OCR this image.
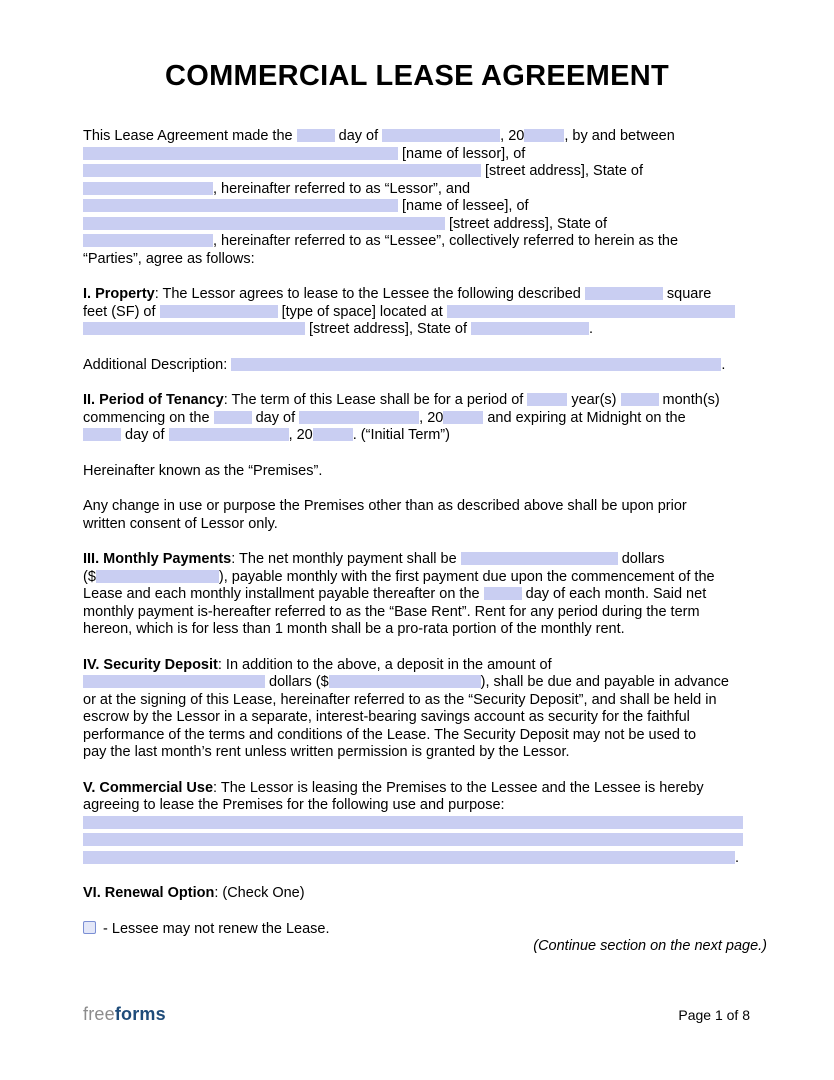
COMMERCIAL LEASE AGREEMENT
This Lease Agreement made the	day of	, 20	, by and between
[name of lessor], of
[street address], State of
, hereinafter referred to as “Lessor”, and
[name of lessee], of
[street address], State of
, hereinafter referred to as “Lessee”, collectively referred to herein as the
“Parties”, agree as follows:
I. Property: The Lessor agrees to lease to the Lessee the following described	square
feet (SF) of	[type of space] located at
[street address], State of	.
Additional Description:	.
II. Period of Tenancy: The term of this Lease shall be for a period of	year(s)	month(s)
commencing on the	day of	, 20	and expiring at Midnight on the
day of	, 20	. (“Initial Term”)
Hereinafter known as the “Premises”.
Any change in use or purpose the Premises other than as described above shall be upon prior
written consent of Lessor only.
III. Monthly Payments: The net monthly payment shall be	dollars
($	), payable monthly with the first payment due upon the commencement of the
Lease and each monthly installment payable thereafter on the	day of each month. Said net
monthly payment is-hereafter referred to as the “Base Rent”. Rent for any period during the term
hereon, which is for less than 1 month shall be a pro-rata portion of the monthly rent.
IV. Security Deposit: In addition to the above, a deposit in the amount of
dollars ($	), shall be due and payable in advance
or at the signing of this Lease, hereinafter referred to as the “Security Deposit”, and shall be held in
escrow by the Lessor in a separate, interest-bearing savings account as security for the faithful
performance of the terms and conditions of the Lease. The Security Deposit may not be used to
pay the last month’s rent unless written permission is granted by the Lessor.
V. Commercial Use: The Lessor is leasing the Premises to the Lessee and the Lessee is hereby
agreeing to lease the Premises for the following use and purpose:
.
VI. Renewal Option: (Check One)
- Lessee may not renew the Lease.
(Continue section on the next page.)
freeforms	Page 1 of 8
